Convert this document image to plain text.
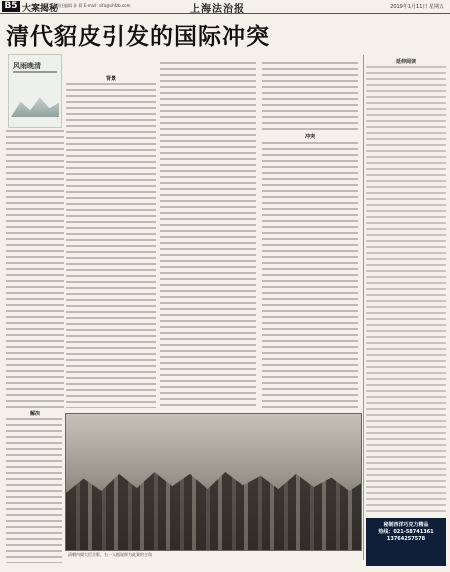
B5 大案揭秘
责任编辑 孙 莉 E-mail: sifa@shfzb.com	上海法治报	2019年1月11日 星期五
清代貂皮引发的国际冲突
风雨晚清
背景
冲突
解决
延伸阅读
清朝内阁大臣合影，右一人据说即为此案的主角
秘制西洋巧克力精品
热线：021-58741361
13764257578
